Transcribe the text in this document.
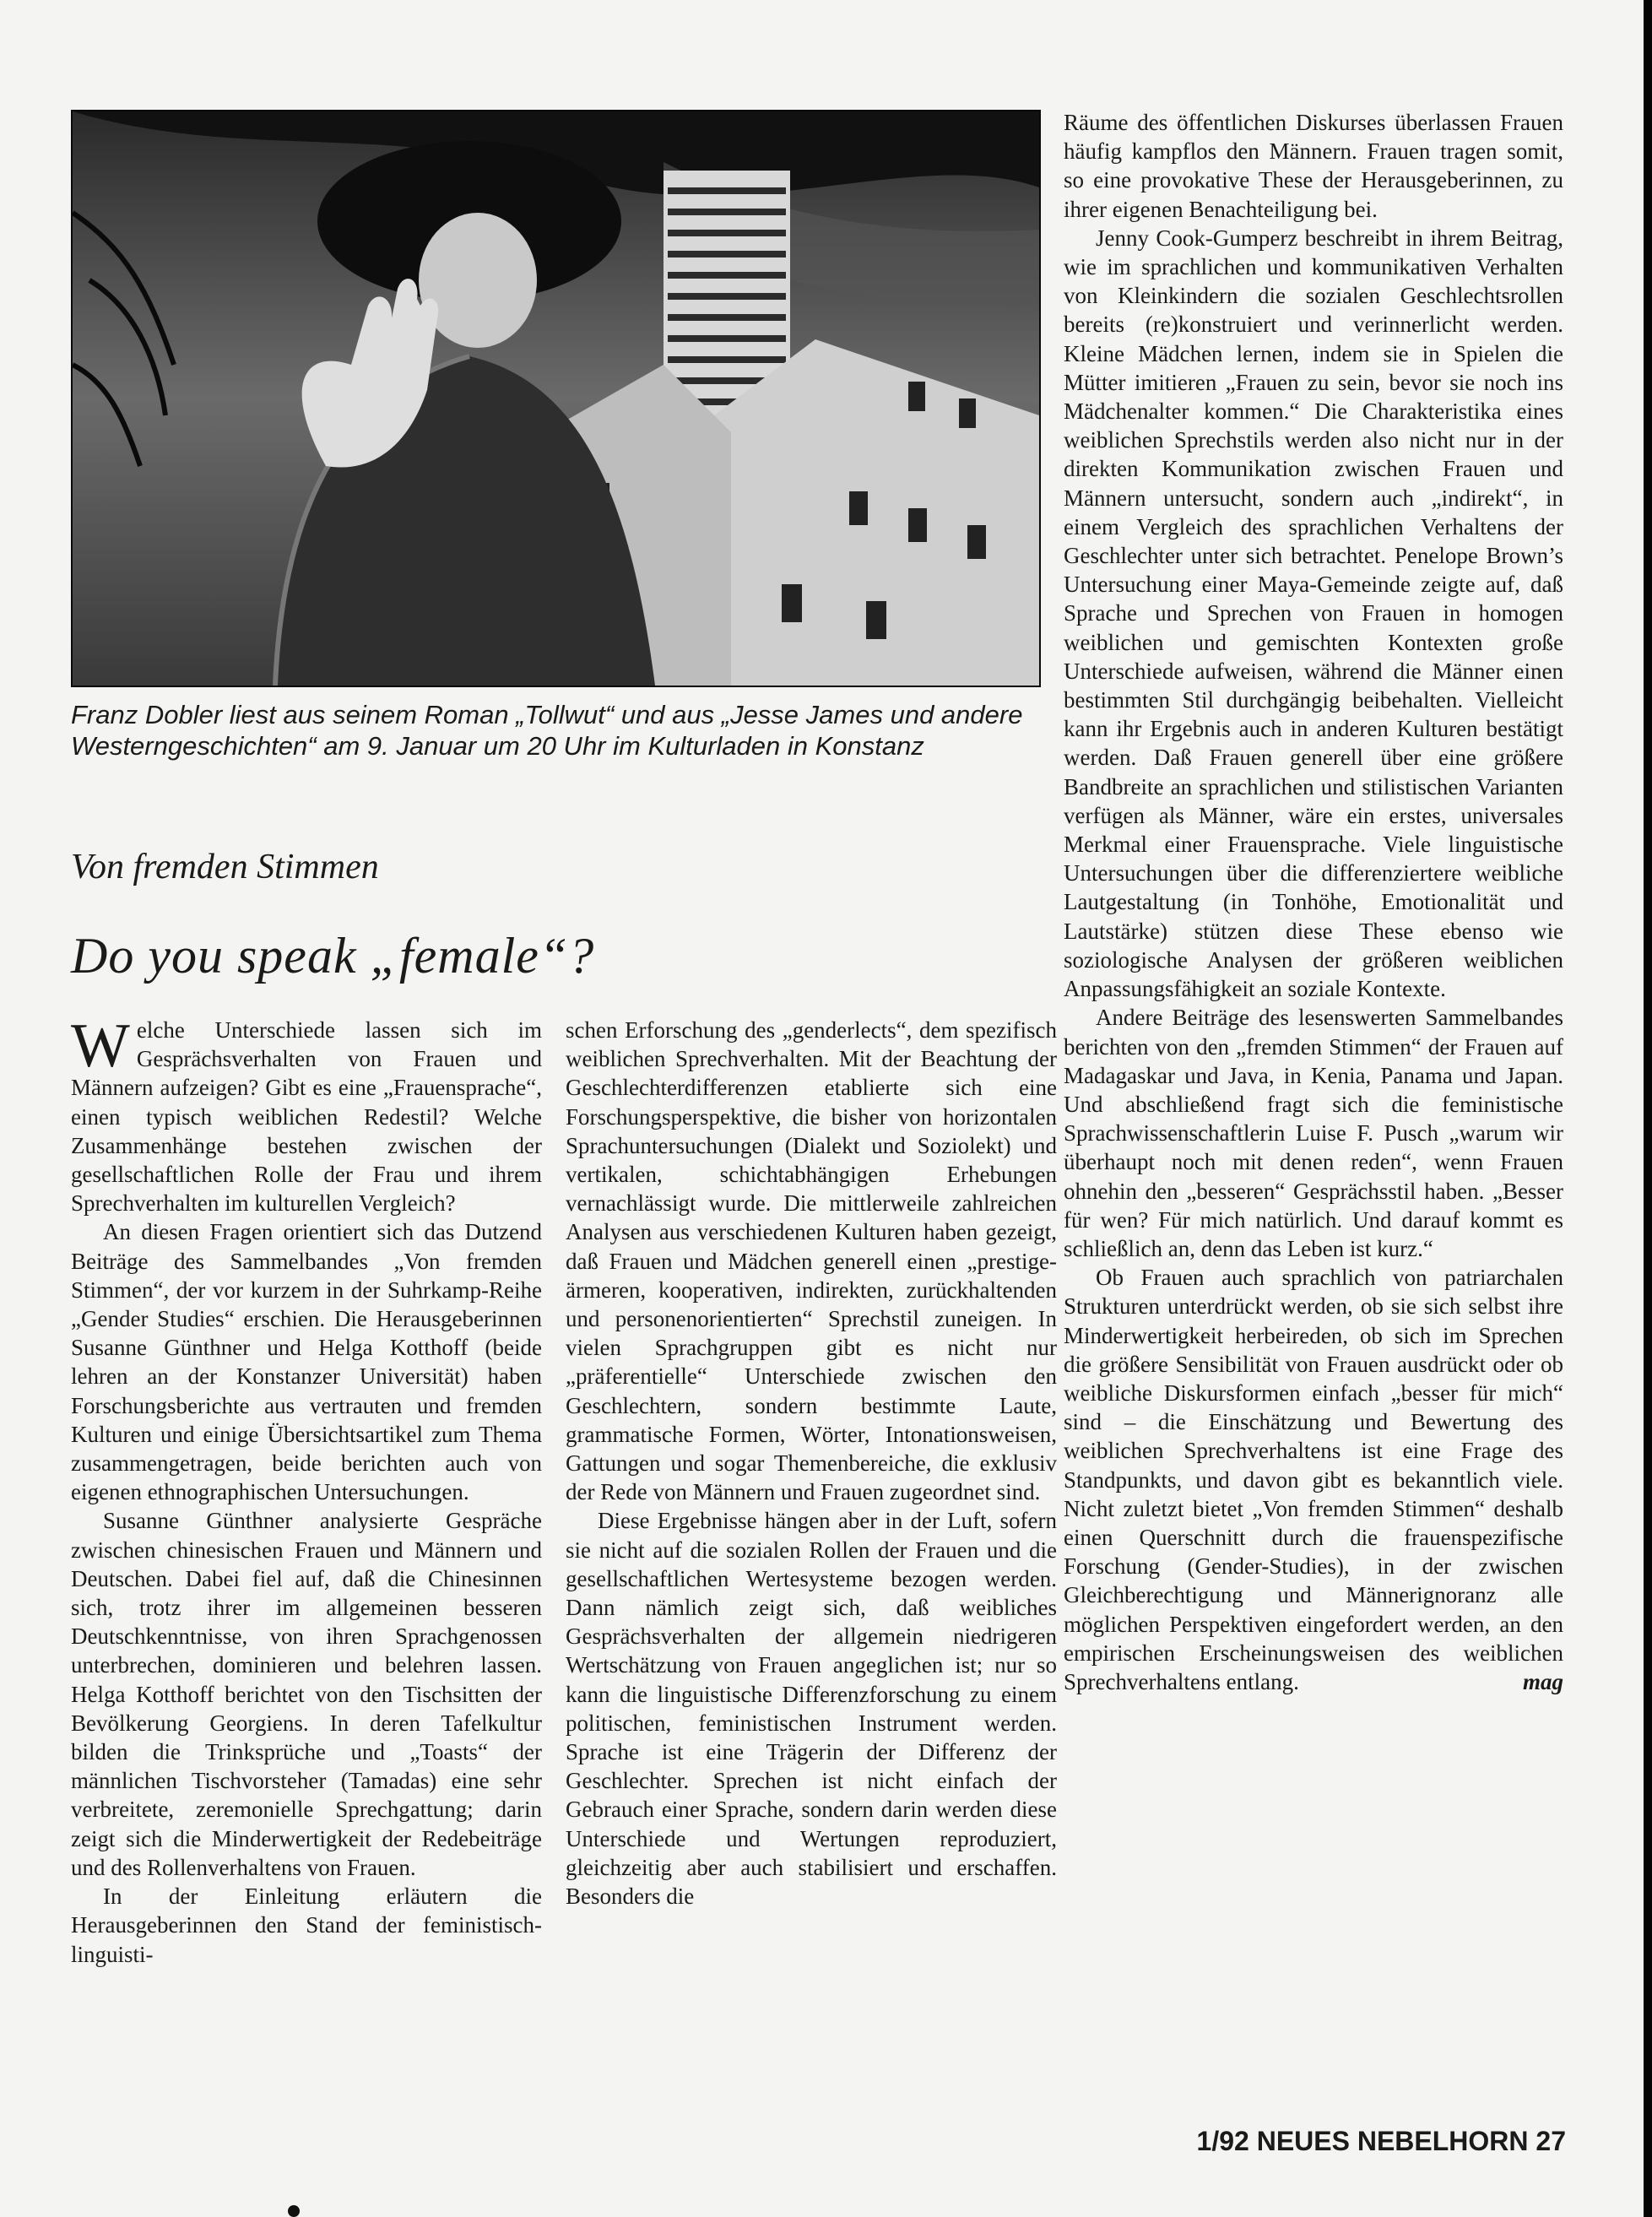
Franz Dobler liest aus seinem Roman „Tollwut“ und aus „Jesse James und andere Westerngeschichten“ am 9. Januar um 20 Uhr im Kulturladen in Konstanz
Von fremden Stimmen
Do you speak „female“?

Welche Unterschiede lassen sich im Gesprächsverhalten von Frauen und Männern aufzeigen? Gibt es eine „Frauensprache“, einen typisch weiblichen Redestil? Welche Zusammenhänge bestehen zwischen der gesellschaftlichen Rolle der Frau und ihrem Sprechverhalten im kulturellen Vergleich?

An diesen Fragen orientiert sich das Dutzend Beiträge des Sammelbandes „Von fremden Stimmen“, der vor kurzem in der Suhrkamp-Reihe „Gender Studies“ erschien. Die Herausgeberinnen Susanne Günthner und Helga Kotthoff (beide lehren an der Konstanzer Universität) haben Forschungsberichte aus vertrauten und fremden Kulturen und einige Übersichtsartikel zum Thema zusammengetragen, beide berichten auch von eigenen ethnographischen Untersuchungen.

Susanne Günthner analysierte Gespräche zwischen chinesischen Frauen und Männern und Deutschen. Dabei fiel auf, daß die Chinesinnen sich, trotz ihrer im allgemeinen besseren Deutschkenntnisse, von ihren Sprachgenossen unterbrechen, dominieren und belehren lassen. Helga Kotthoff berichtet von den Tischsitten der Bevölkerung Georgiens. In deren Tafelkultur bilden die Trinksprüche und „Toasts“ der männlichen Tischvorsteher (Tamadas) eine sehr verbreitete, zeremonielle Sprechgattung; darin zeigt sich die Minderwertigkeit der Redebeiträge und des Rollenverhaltens von Frauen.

In der Einleitung erläutern die Herausgeberinnen den Stand der feministisch-linguisti-

schen Erforschung des „genderlects“, dem spezifisch weiblichen Sprechverhalten. Mit der Beachtung der Geschlechterdifferenzen etablierte sich eine Forschungsperspektive, die bisher von horizontalen Sprachuntersuchungen (Dialekt und Soziolekt) und vertikalen, schichtabhängigen Erhebungen vernachlässigt wurde. Die mittlerweile zahlreichen Analysen aus verschiedenen Kulturen haben gezeigt, daß Frauen und Mädchen generell einen „prestige-ärmeren, kooperativen, indirekten, zurückhaltenden und personenorientierten“ Sprechstil zuneigen. In vielen Sprachgruppen gibt es nicht nur „präferentielle“ Unterschiede zwischen den Geschlechtern, sondern bestimmte Laute, grammatische Formen, Wörter, Intonationsweisen, Gattungen und sogar Themenbereiche, die exklusiv der Rede von Männern und Frauen zugeordnet sind.

Diese Ergebnisse hängen aber in der Luft, sofern sie nicht auf die sozialen Rollen der Frauen und die gesellschaftlichen Wertesysteme bezogen werden. Dann nämlich zeigt sich, daß weibliches Gesprächsverhalten der allgemein niedrigeren Wertschätzung von Frauen angeglichen ist; nur so kann die linguistische Differenzforschung zu einem politischen, feministischen Instrument werden. Sprache ist eine Trägerin der Differenz der Geschlechter. Sprechen ist nicht einfach der Gebrauch einer Sprache, sondern darin werden diese Unterschiede und Wertungen reproduziert, gleichzeitig aber auch stabilisiert und erschaffen. Besonders die

Räume des öffentlichen Diskurses überlassen Frauen häufig kampflos den Männern. Frauen tragen somit, so eine provokative These der Herausgeberinnen, zu ihrer eigenen Benachteiligung bei.

Jenny Cook-Gumperz beschreibt in ihrem Beitrag, wie im sprachlichen und kommunikativen Verhalten von Kleinkindern die sozialen Geschlechtsrollen bereits (re)konstruiert und verinnerlicht werden. Kleine Mädchen lernen, indem sie in Spielen die Mütter imitieren „Frauen zu sein, bevor sie noch ins Mädchenalter kommen.“ Die Charakteristika eines weiblichen Sprechstils werden also nicht nur in der direkten Kommunikation zwischen Frauen und Männern untersucht, sondern auch „indirekt“, in einem Vergleich des sprachlichen Verhaltens der Geschlechter unter sich betrachtet. Penelope Brown’s Untersuchung einer Maya-Gemeinde zeigte auf, daß Sprache und Sprechen von Frauen in homogen weiblichen und gemischten Kontexten große Unterschiede aufweisen, während die Männer einen bestimmten Stil durchgängig beibehalten. Vielleicht kann ihr Ergebnis auch in anderen Kulturen bestätigt werden. Daß Frauen generell über eine größere Bandbreite an sprachlichen und stilistischen Varianten verfügen als Männer, wäre ein erstes, universales Merkmal einer Frauensprache. Viele linguistische Untersuchungen über die differenziertere weibliche Lautgestaltung (in Tonhöhe, Emotionalität und Lautstärke) stützen diese These ebenso wie soziologische Analysen der größeren weiblichen Anpassungsfähigkeit an soziale Kontexte.

Andere Beiträge des lesenswerten Sammelbandes berichten von den „fremden Stimmen“ der Frauen auf Madagaskar und Java, in Kenia, Panama und Japan. Und abschließend fragt sich die feministische Sprachwissenschaftlerin Luise F. Pusch „warum wir überhaupt noch mit denen reden“, wenn Frauen ohnehin den „besseren“ Gesprächsstil haben. „Besser für wen? Für mich natürlich. Und darauf kommt es schließlich an, denn das Leben ist kurz.“

Ob Frauen auch sprachlich von patriarchalen Strukturen unterdrückt werden, ob sie sich selbst ihre Minderwertigkeit herbeireden, ob sich im Sprechen die größere Sensibilität von Frauen ausdrückt oder ob weibliche Diskursformen einfach „besser für mich“ sind – die Einschätzung und Bewertung des weiblichen Sprechverhaltens ist eine Frage des Standpunkts, und davon gibt es bekanntlich viele. Nicht zuletzt bietet „Von fremden Stimmen“ deshalb einen Querschnitt durch die frauenspezifische Forschung (Gender-Studies), in der zwischen Gleichberechtigung und Männerignoranz alle möglichen Perspektiven eingefordert werden, an den empirischen Erscheinungsweisen des weiblichen Sprechverhaltens entlang.	mag
1/92 NEUES NEBELHORN 27
